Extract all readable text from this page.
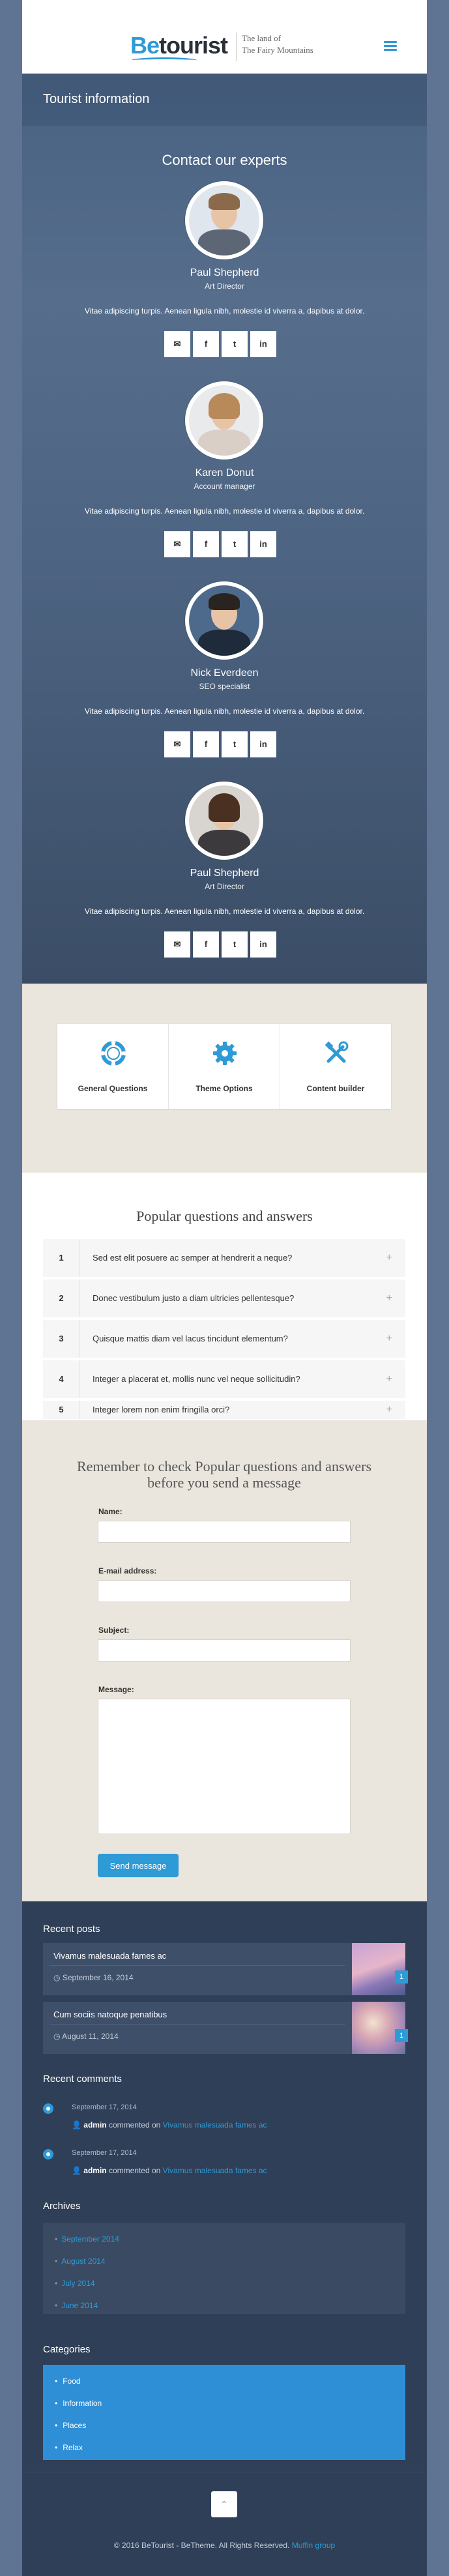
Betourist The land of
The Fairy Mountains
Tourist information
Contact our experts
Paul Shepherd
Art Director
Vitae adipiscing turpis. Aenean ligula nibh, molestie id viverra a, dapibus at dolor.
✉	f	t	in
Karen Donut
Account manager
Vitae adipiscing turpis. Aenean ligula nibh, molestie id viverra a, dapibus at dolor.
✉	f	t	in
Nick Everdeen
SEO specialist
Vitae adipiscing turpis. Aenean ligula nibh, molestie id viverra a, dapibus at dolor.
✉	f	t	in
Paul Shepherd
Art Director
Vitae adipiscing turpis. Aenean ligula nibh, molestie id viverra a, dapibus at dolor.
✉	f	t	in
General Questions	Theme Options	Content builder
Popular questions and answers
1	Sed est elit posuere ac semper at hendrerit a neque?	+
2	Donec vestibulum justo a diam ultricies pellentesque?	+
3	Quisque mattis diam vel lacus tincidunt elementum?	+
4	Integer a placerat et, mollis nunc vel neque sollicitudin?	+
5	Integer lorem non enim fringilla orci?	+
Remember to check Popular questions and answers before you send a message
Name:
E-mail address:
Subject:
Message:
Send message
Recent posts
Vivamus malesuada fames ac
◷ September 16, 2014	1
Cum sociis natoque penatibus
◷ August 11, 2014	1
Recent comments
September 17, 2014
👤 admin commented on Vivamus malesuada fames ac
September 17, 2014
👤 admin commented on Vivamus malesuada fames ac
Archives
• September 2014
• August 2014
• July 2014
• June 2014
Categories
• Food
• Information
• Places
• Relax
⌃
© 2016 BeTourist - BeTheme. All Rights Reserved. Muffin group
